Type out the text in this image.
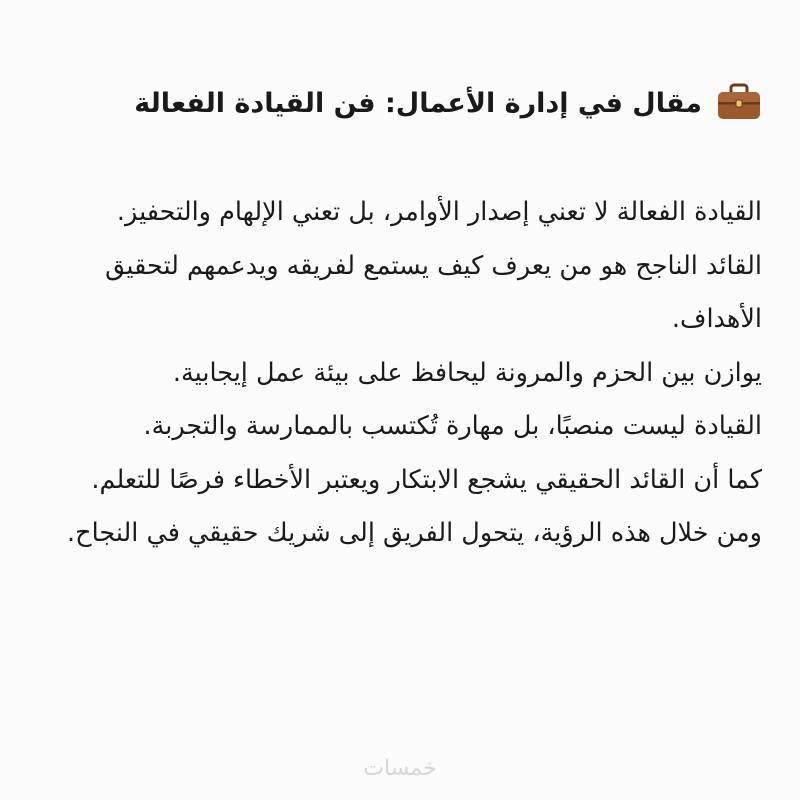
مقال في إدارة الأعمال: فن القيادة الفعالة

القيادة الفعالة لا تعني إصدار الأوامر، بل تعني الإلهام والتحفيز.

القائد الناجح هو من يعرف كيف يستمع لفريقه ويدعمهم لتحقيق الأهداف.

يوازن بين الحزم والمرونة ليحافظ على بيئة عمل إيجابية.

القيادة ليست منصبًا، بل مهارة تُكتسب بالممارسة والتجربة.

كما أن القائد الحقيقي يشجع الابتكار ويعتبر الأخطاء فرصًا للتعلم.

ومن خلال هذه الرؤية، يتحول الفريق إلى شريك حقيقي في النجاح.

خمسات
